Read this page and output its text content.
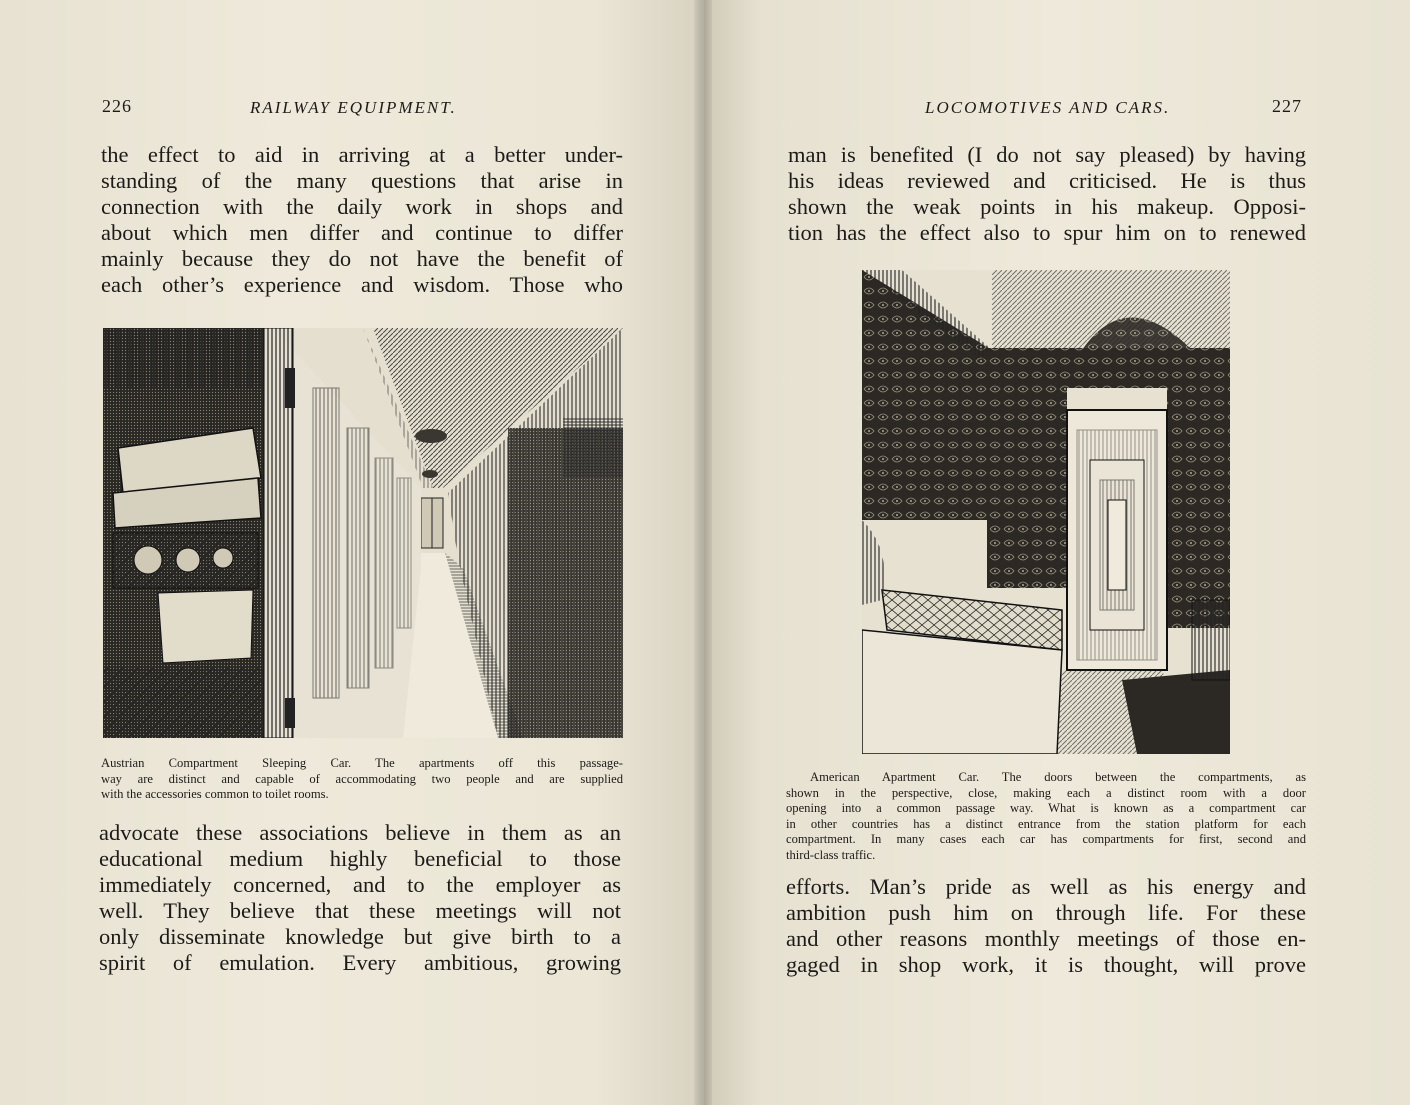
226	RAILWAY EQUIPMENT.
the effect to aid in arriving at a better under-
standing of the many questions that arise in
connection with the daily work in shops and
about which men differ and continue to differ
mainly because they do not have the benefit of
each other’s experience and wisdom. Those who
Austrian Compartment Sleeping Car. The apartments off this passage-
way are distinct and capable of accommodating two people and are supplied
with the accessories common to toilet rooms.
advocate these associations believe in them as an
educational medium highly beneficial to those
immediately concerned, and to the employer as
well. They believe that these meetings will not
only disseminate knowledge but give birth to a
spirit of emulation. Every ambitious, growing
LOCOMOTIVES AND CARS.	227
man is benefited (I do not say pleased) by having
his ideas reviewed and criticised. He is thus
shown the weak points in his makeup. Opposi-
tion has the effect also to spur him on to renewed
American Apartment Car. The doors between the compartments, as
shown in the perspective, close, making each a distinct room with a door
opening into a common passage way. What is known as a compartment car
in other countries has a distinct entrance from the station platform for each
compartment. In many cases each car has compartments for first, second and
third-class traffic.
efforts. Man’s pride as well as his energy and
ambition push him on through life. For these
and other reasons monthly meetings of those en-
gaged in shop work, it is thought, will prove
